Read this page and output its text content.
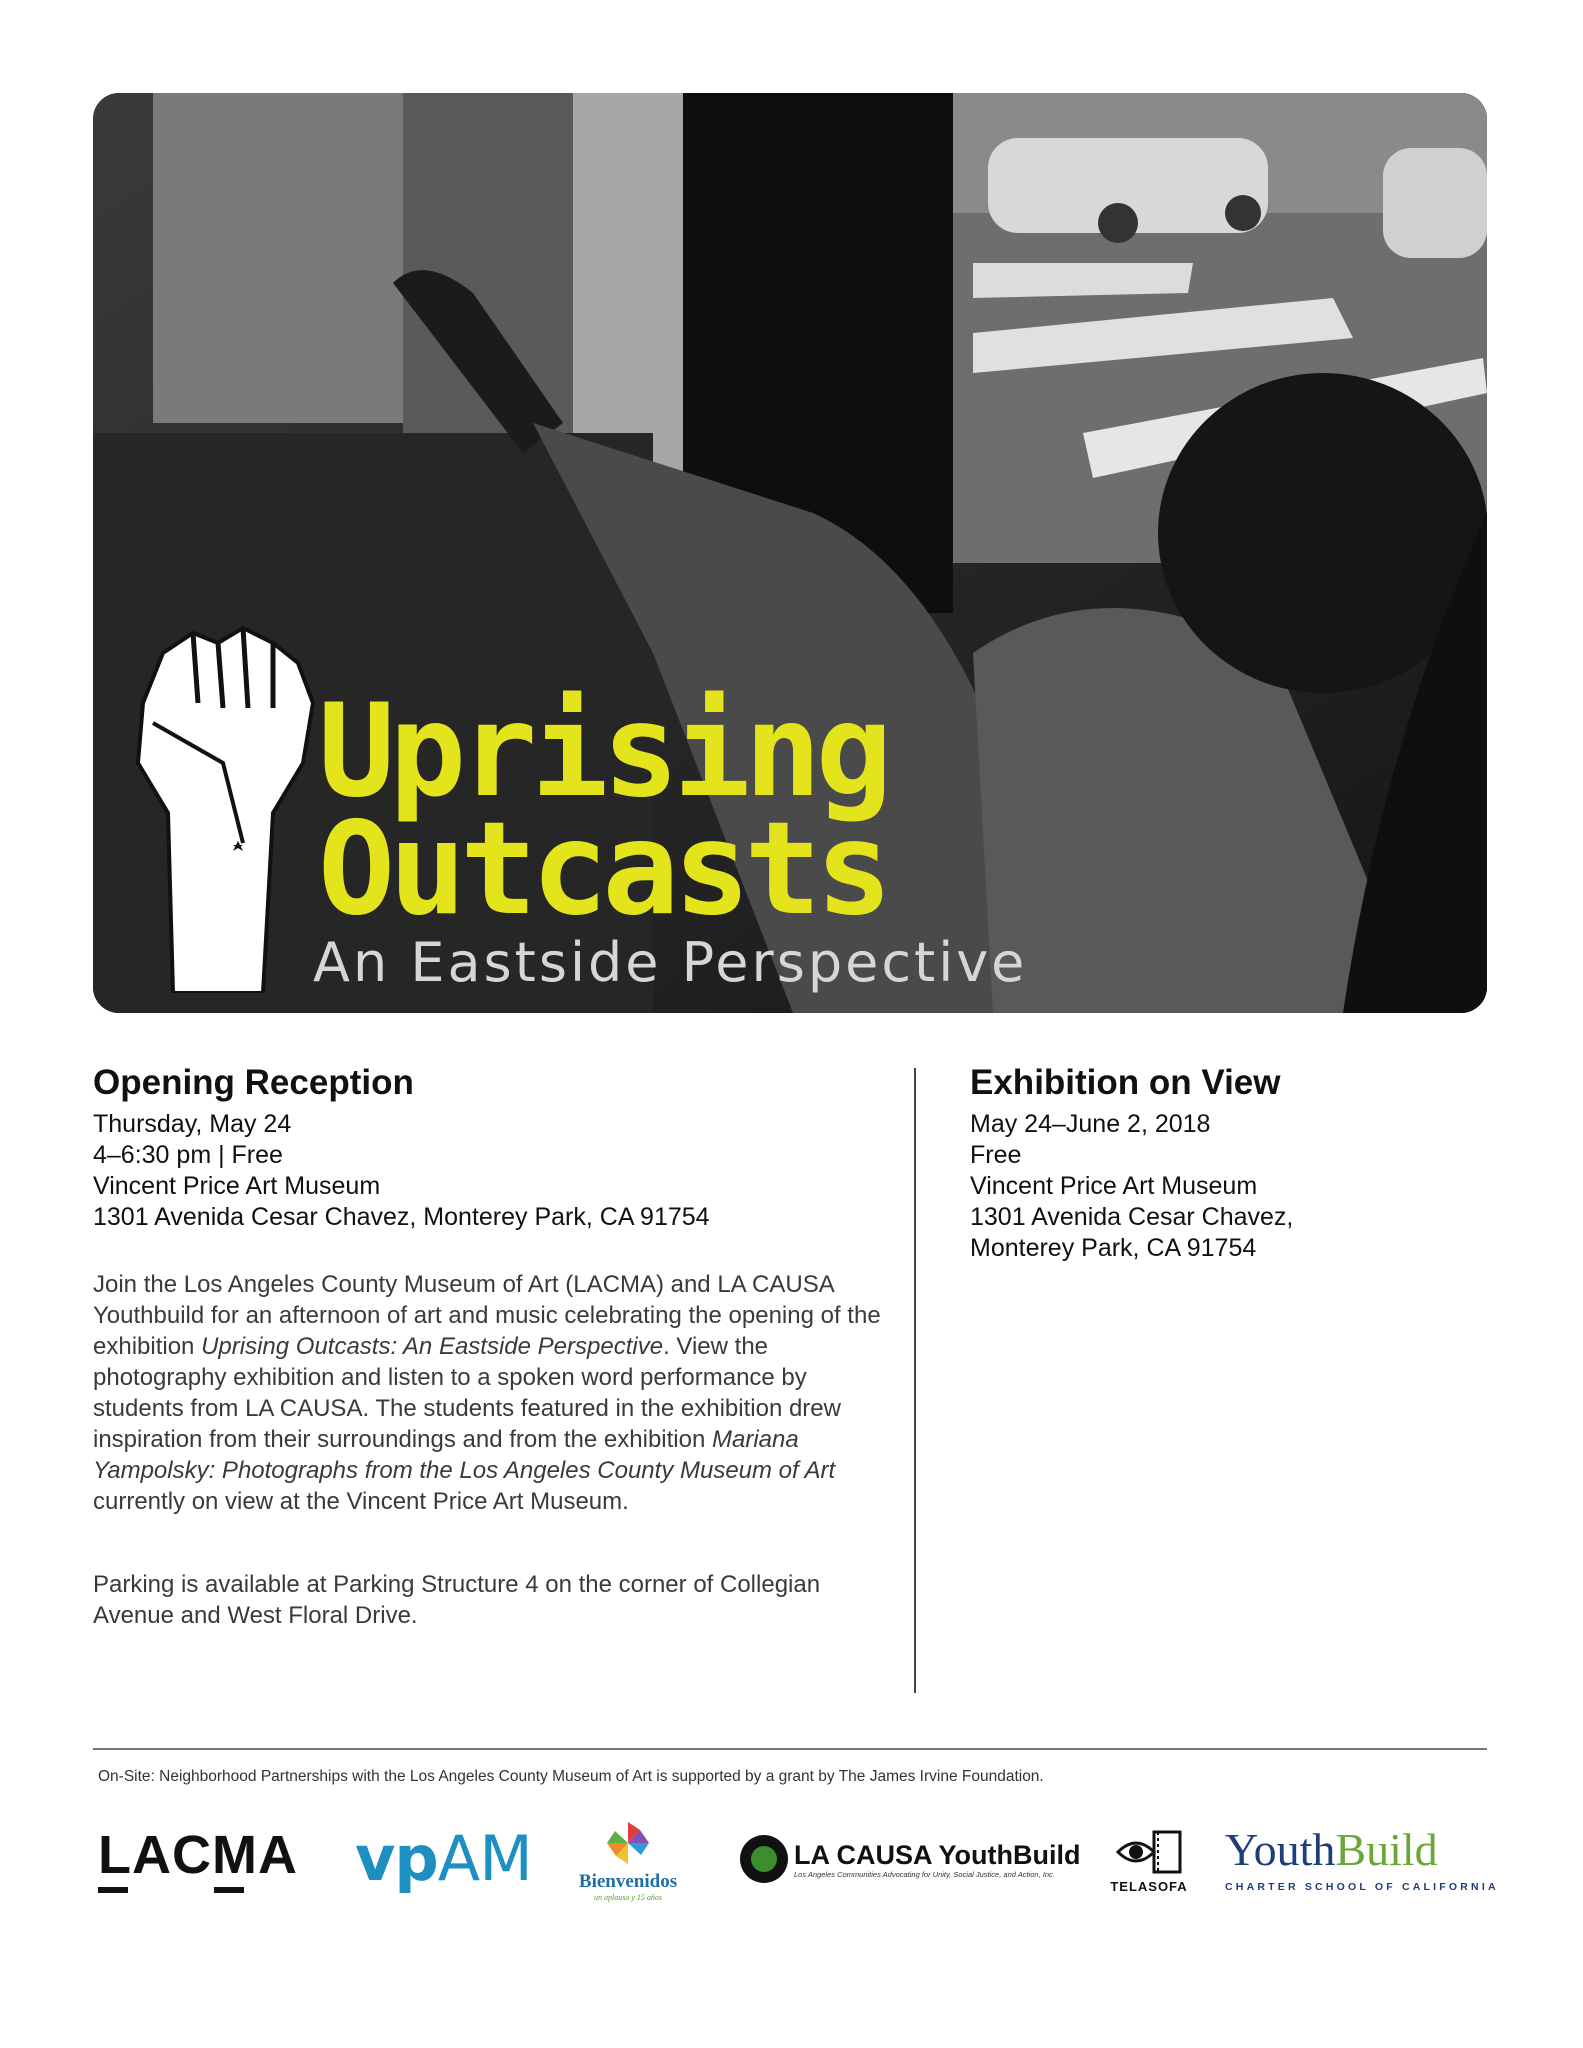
Uprising
Outcasts
An Eastside Perspective
Opening Reception
Thursday, May 24
4–6:30 pm | Free
Vincent Price Art Museum
1301 Avenida Cesar Chavez, Monterey Park, CA 91754

Join the Los Angeles County Museum of Art (LACMA) and LA CAUSA Youthbuild for an afternoon of art and music celebrating the opening of the exhibition Uprising Outcasts: An Eastside Perspective. View the photography exhibition and listen to a spoken word performance by students from LA CAUSA. The students featured in the exhibition drew inspiration from their surroundings and from the exhibition Mariana Yampolsky: Photographs from the Los Angeles County Museum of Art currently on view at the Vincent Price Art Museum.

Parking is available at Parking Structure 4 on the corner of Collegian Avenue and West Floral Drive.

Exhibition on View
May 24–June 2, 2018
Free
Vincent Price Art Museum
1301 Avenida Cesar Chavez,
Monterey Park, CA 91754
On-Site: Neighborhood Partnerships with the Los Angeles County Museum of Art is supported by a grant by The James Irvine Foundation.
LACMA vpAM	Bienvenidos
un aplauso y 15 años
LA CAUSA YouthBuild
Los Angeles Communities Advocating for Unity, Social Justice, and Action, Inc.
TELASOFA
YouthBuild
CHARTER SCHOOL OF CALIFORNIA
